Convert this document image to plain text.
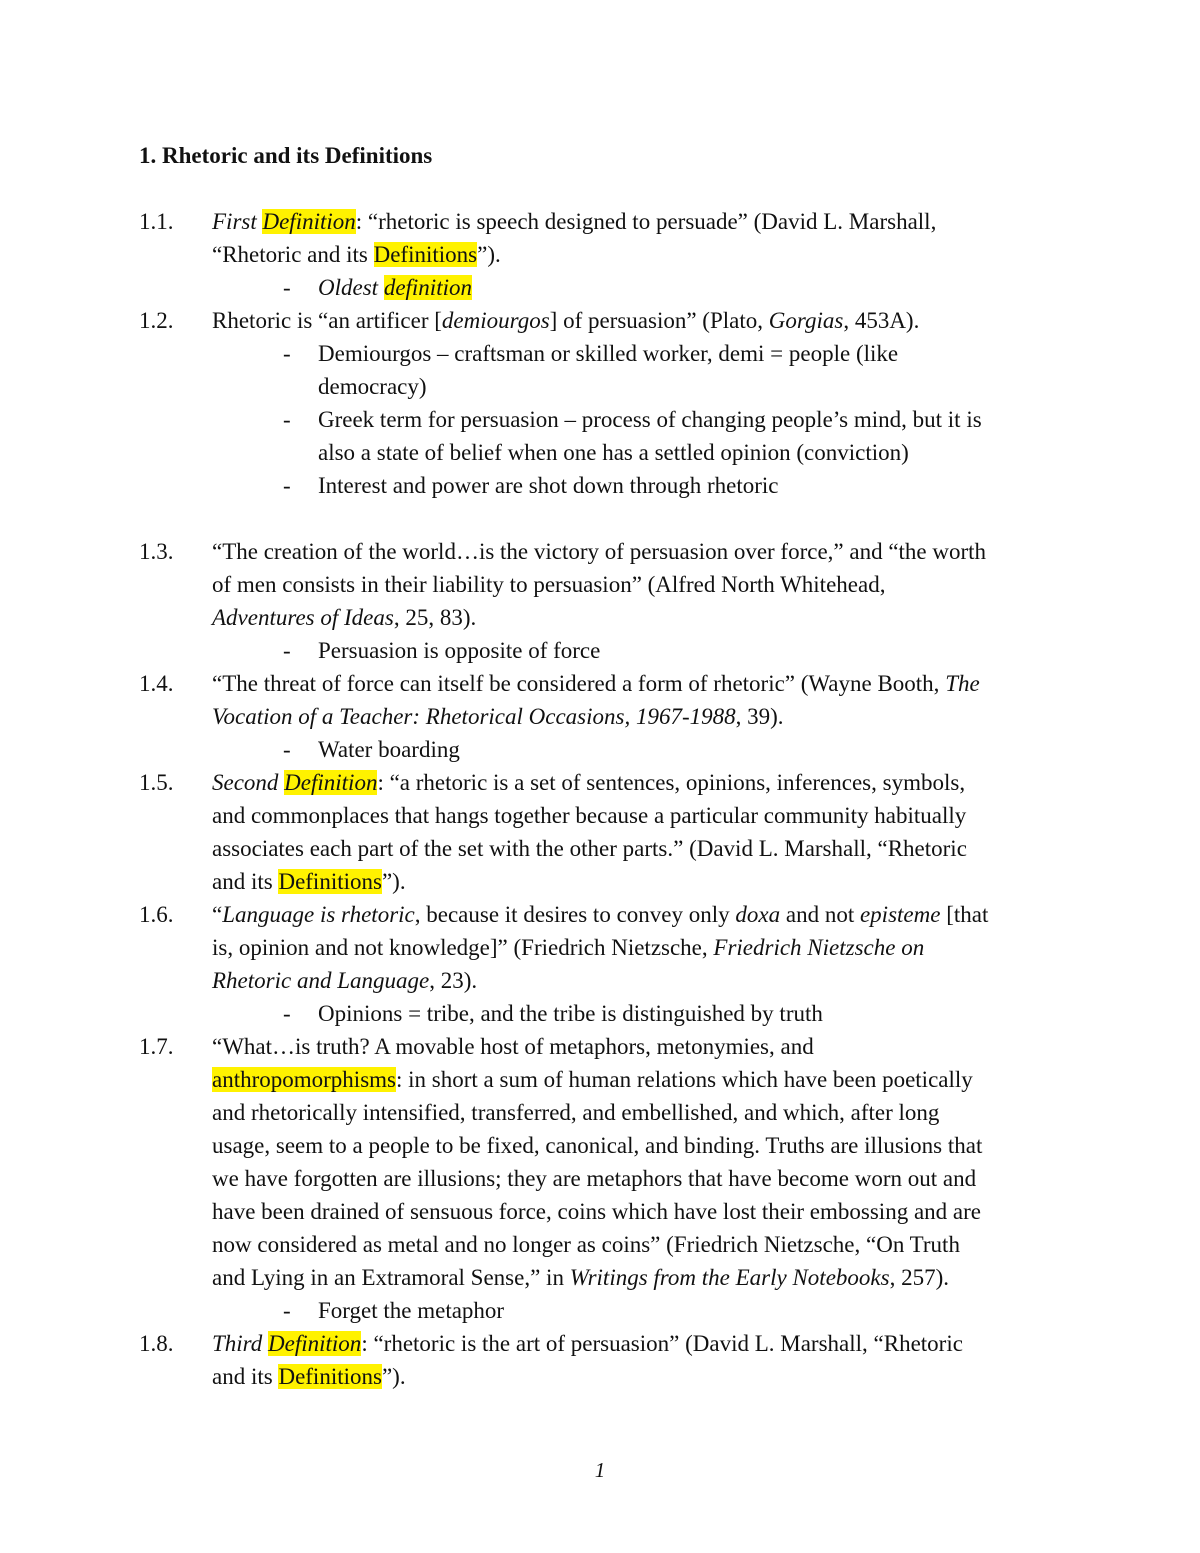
1. Rhetoric and its Definitions
1.1. First Definition: “rhetoric is speech designed to persuade” (David L. Marshall,
“Rhetoric and its Definitions”).
- Oldest definition
1.2. Rhetoric is “an artificer [demiourgos] of persuasion” (Plato, Gorgias, 453A).
- Demiourgos – craftsman or skilled worker, demi = people (like
democracy)
- Greek term for persuasion – process of changing people’s mind, but it is
also a state of belief when one has a settled opinion (conviction)
- Interest and power are shot down through rhetoric
1.3. “The creation of the world…is the victory of persuasion over force,” and “the worth
of men consists in their liability to persuasion” (Alfred North Whitehead,
Adventures of Ideas, 25, 83).
- Persuasion is opposite of force
1.4. “The threat of force can itself be considered a form of rhetoric” (Wayne Booth, The
Vocation of a Teacher: Rhetorical Occasions, 1967-1988, 39).
- Water boarding
1.5. Second Definition: “a rhetoric is a set of sentences, opinions, inferences, symbols,
and commonplaces that hangs together because a particular community habitually
associates each part of the set with the other parts.” (David L. Marshall, “Rhetoric
and its Definitions”).
1.6. “Language is rhetoric, because it desires to convey only doxa and not episteme [that
is, opinion and not knowledge]” (Friedrich Nietzsche, Friedrich Nietzsche on
Rhetoric and Language, 23).
- Opinions = tribe, and the tribe is distinguished by truth
1.7. “What…is truth? A movable host of metaphors, metonymies, and
anthropomorphisms: in short a sum of human relations which have been poetically
and rhetorically intensified, transferred, and embellished, and which, after long
usage, seem to a people to be fixed, canonical, and binding. Truths are illusions that
we have forgotten are illusions; they are metaphors that have become worn out and
have been drained of sensuous force, coins which have lost their embossing and are
now considered as metal and no longer as coins” (Friedrich Nietzsche, “On Truth
and Lying in an Extramoral Sense,” in Writings from the Early Notebooks, 257).
- Forget the metaphor
1.8. Third Definition: “rhetoric is the art of persuasion” (David L. Marshall, “Rhetoric
and its Definitions”).
1
